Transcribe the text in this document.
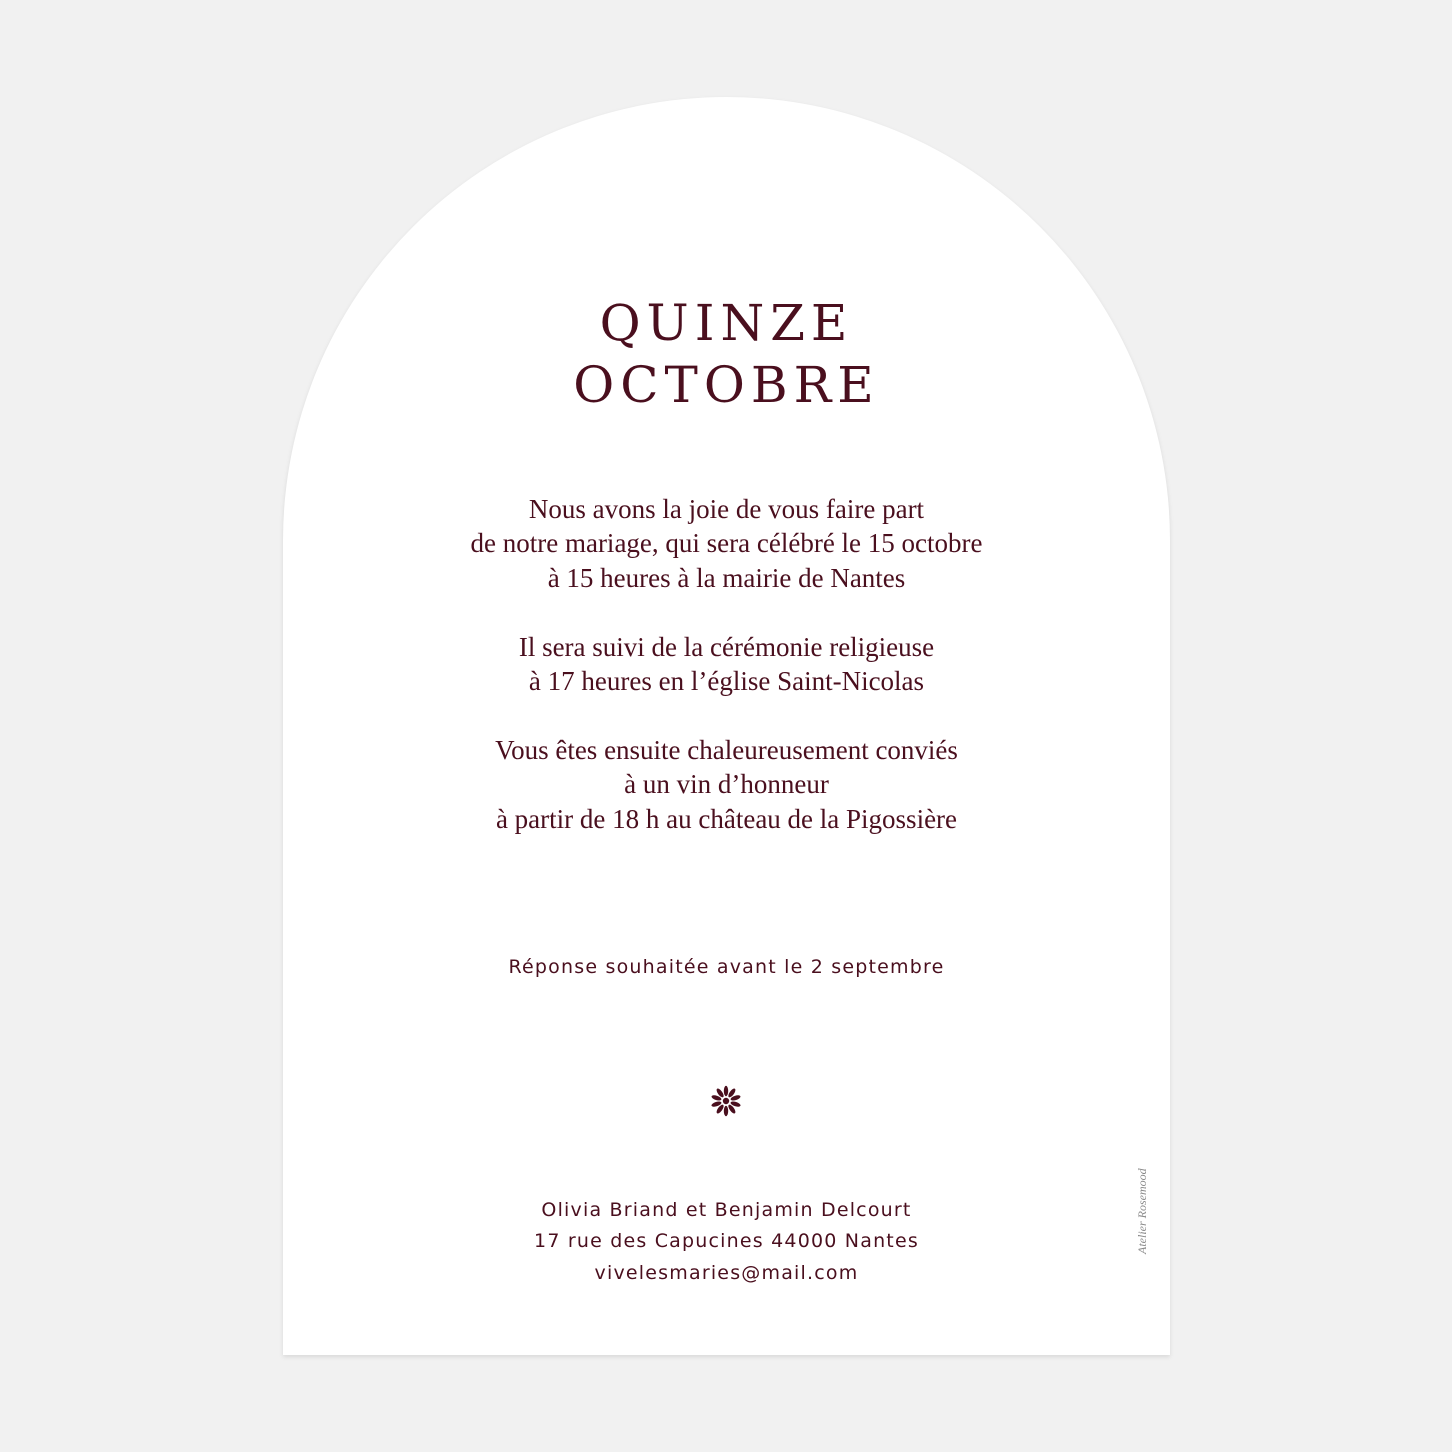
QUINZE
OCTOBRE
Nous avons la joie de vous faire part
de notre mariage, qui sera célébré le 15 octobre
à 15 heures à la mairie de Nantes
Il sera suivi de la cérémonie religieuse
à 17 heures en l’église Saint-Nicolas
Vous êtes ensuite chaleureusement conviés
à un vin d’honneur
à partir de 18 h au château de la Pigossière
Réponse souhaitée avant le 2 septembre
Olivia Briand et Benjamin Delcourt
17 rue des Capucines 44000 Nantes
vivelesmaries@mail.com
Atelier Rosemood
